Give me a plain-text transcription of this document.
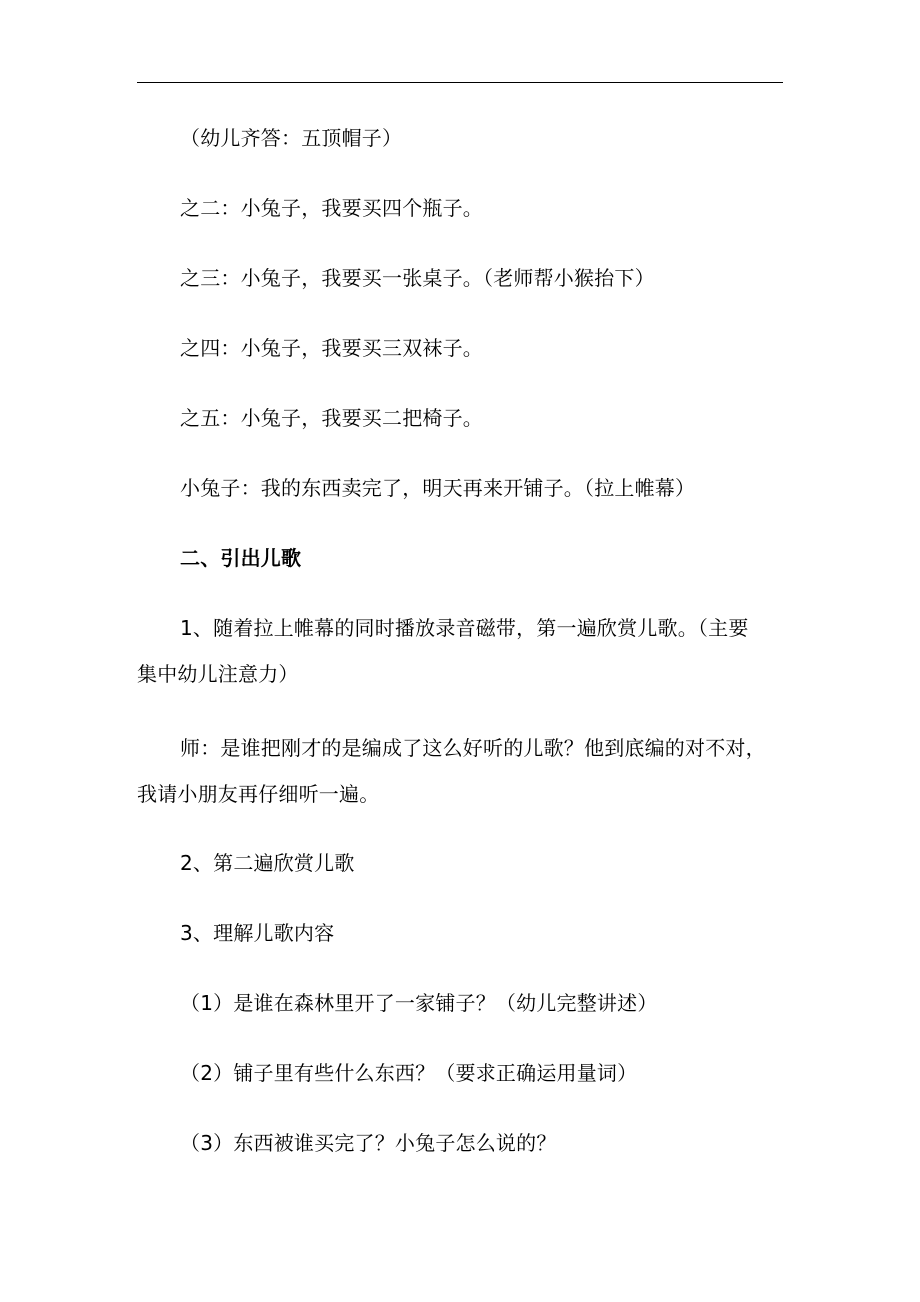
（幼儿齐答：五顶帽子）

之二：小兔子，我要买四个瓶子。

之三：小兔子，我要买一张桌子。（老师帮小猴抬下）

之四：小兔子，我要买三双袜子。

之五：小兔子，我要买二把椅子。

小兔子：我的东西卖完了，明天再来开铺子。（拉上帷幕）

二、引出儿歌

1、随着拉上帷幕的同时播放录音磁带，第一遍欣赏儿歌。（主要

集中幼儿注意力）

师：是谁把刚才的是编成了这么好听的儿歌？他到底编的对不对，

我请小朋友再仔细听一遍。

2、第二遍欣赏儿歌

3、理解儿歌内容

（1）是谁在森林里开了一家铺子？（幼儿完整讲述）

（2）铺子里有些什么东西？（要求正确运用量词）

（3）东西被谁买完了？小兔子怎么说的？
